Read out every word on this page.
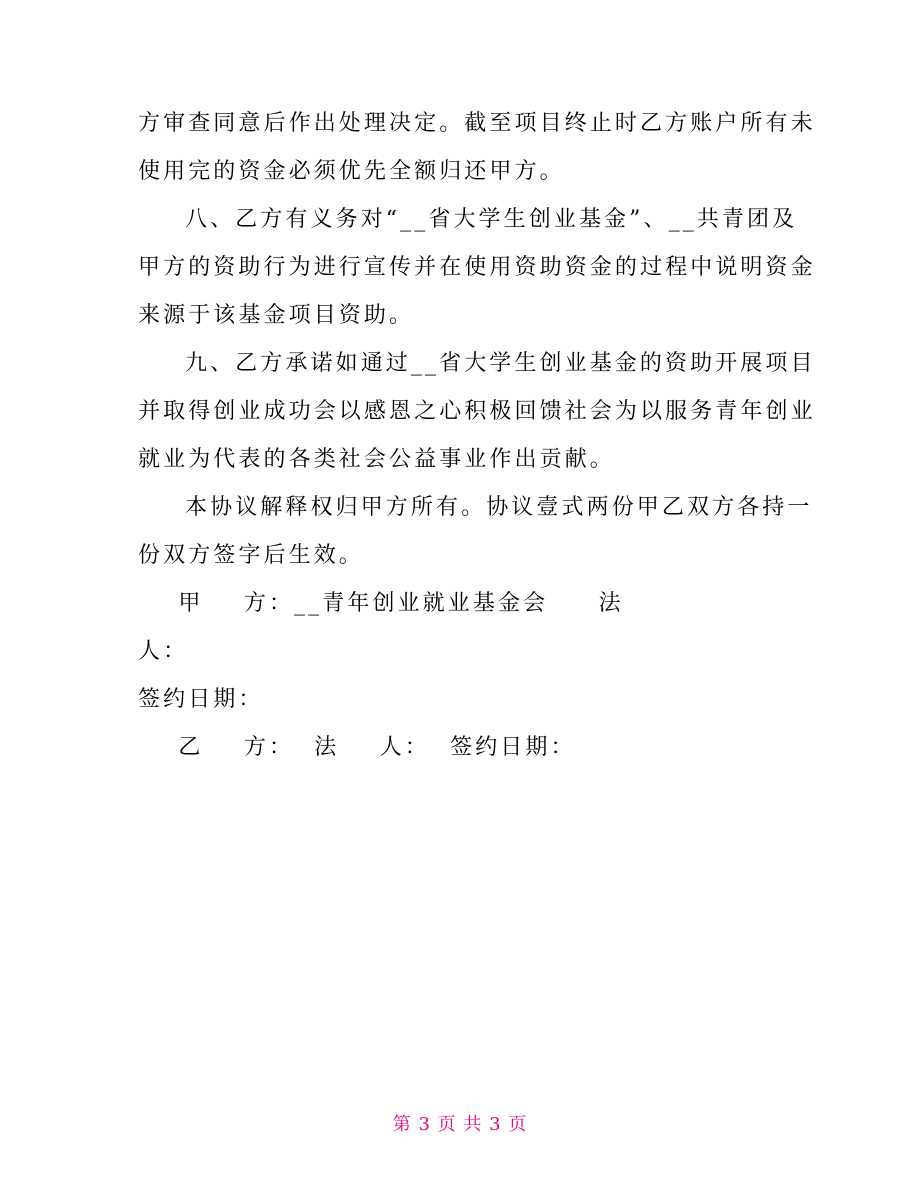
方审查同意后作出处理决定。截至项目终止时乙方账户所有未
使用完的资金必须优先全额归还甲方。

八、乙方有义务对“__省大学生创业基金”、__共青团及
甲方的资助行为进行宣传并在使用资助资金的过程中说明资金
来源于该基金项目资助。

九、乙方承诺如通过__省大学生创业基金的资助开展项目
并取得创业成功会以感恩之心积极回馈社会为以服务青年创业
就业为代表的各类社会公益事业作出贡献。

本协议解释权归甲方所有。协议壹式两份甲乙双方各持一
份双方签字后生效。

甲    方：__青年创业就业基金会     法
人：
签约日期：
乙    方：  法    人：  签约日期：
第 3 页 共 3 页
